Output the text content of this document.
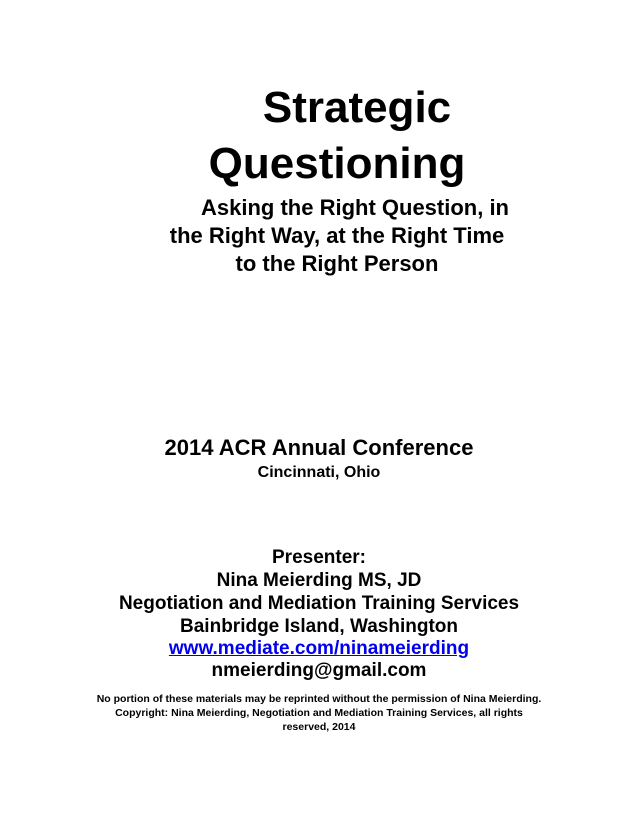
Strategic

Questioning

Asking the Right Question, in

the Right Way, at the Right Time

to the Right Person

2014 ACR Annual Conference

Cincinnati, Ohio

Presenter:

Nina Meierding MS, JD

Negotiation and Mediation Training Services

Bainbridge Island, Washington

www.mediate.com/ninameierding

nmeierding@gmail.com

No portion of these materials may be reprinted without the permission of Nina Meierding.

Copyright: Nina Meierding, Negotiation and Mediation Training Services, all rights

reserved, 2014
